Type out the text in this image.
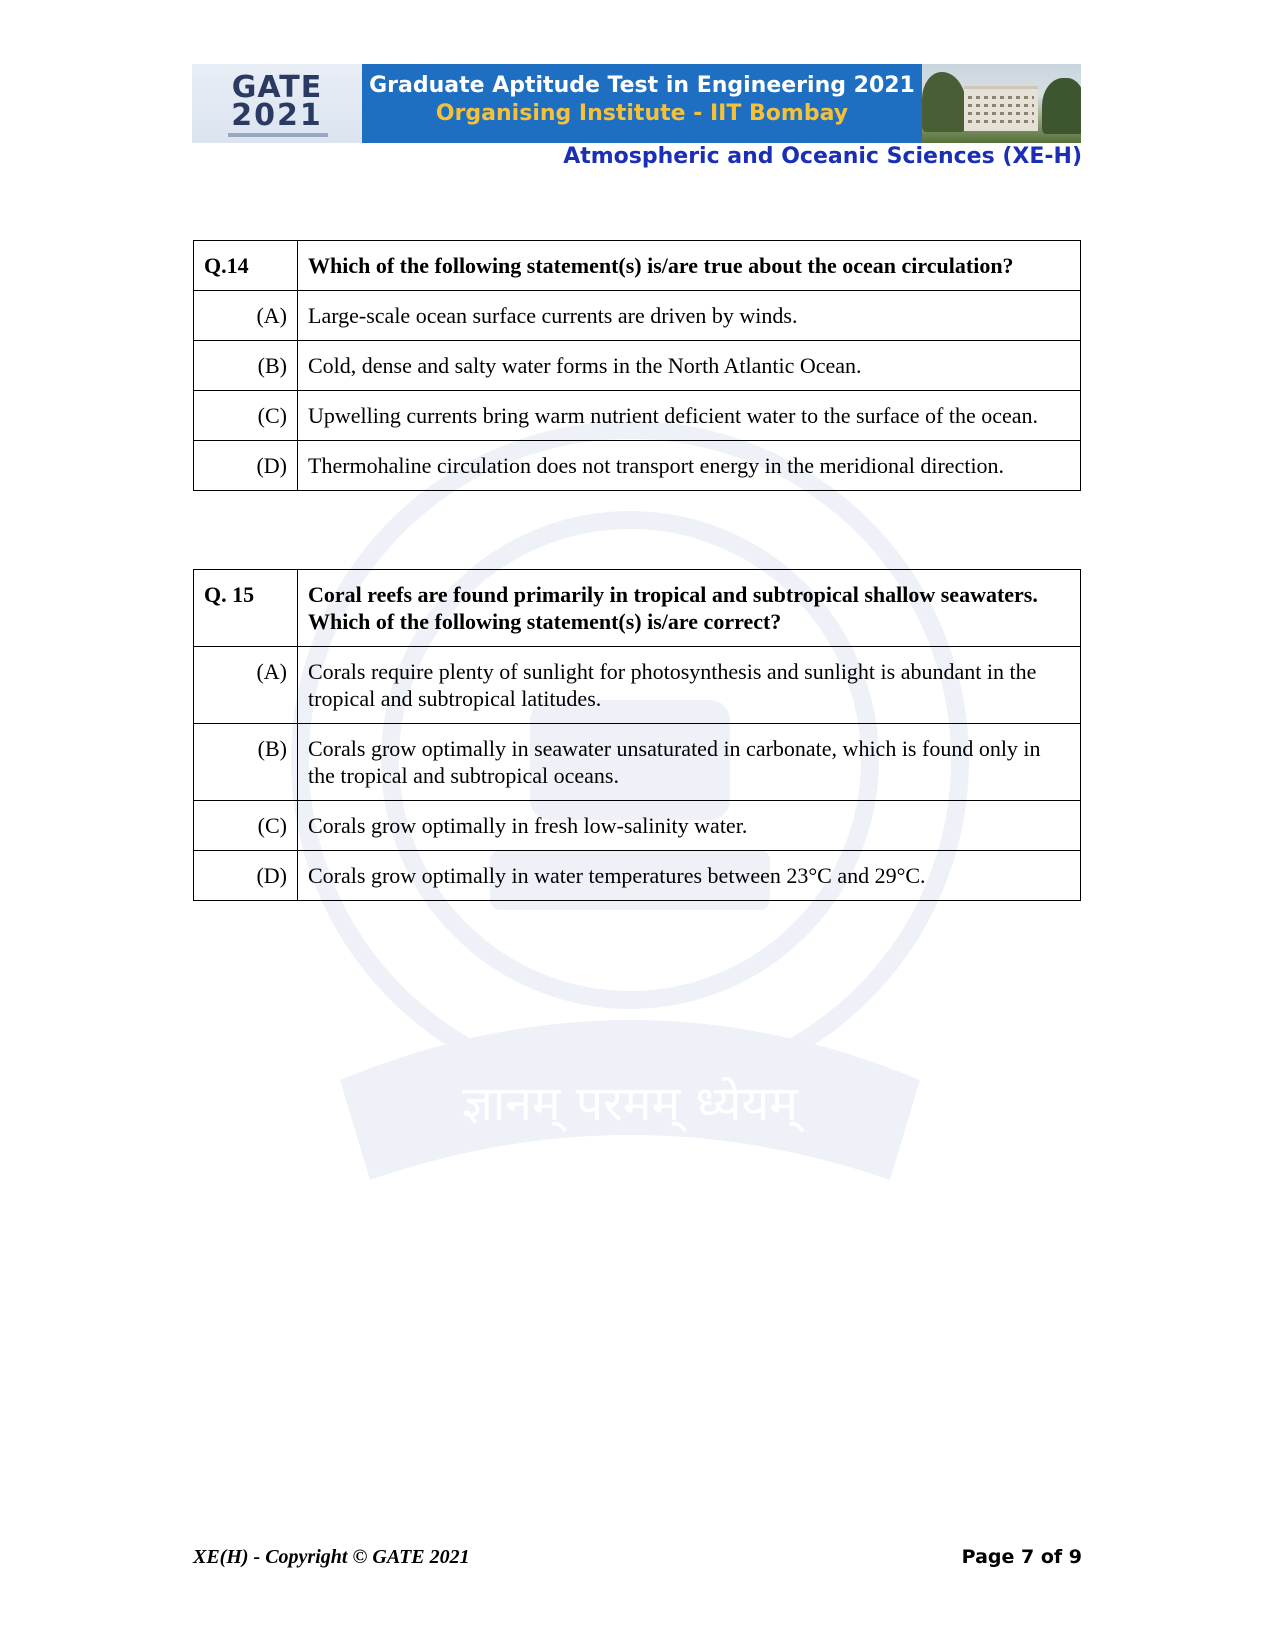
ज्ञानम् परमम् ध्येयम्
GATE
2021
Graduate Aptitude Test in Engineering 2021
Organising Institute - IIT Bombay
Atmospheric and Oceanic Sciences (XE-H)
Q.14	Which of the following statement(s) is/are true about the ocean circulation?
(A)	Large-scale ocean surface currents are driven by winds.
(B)	Cold, dense and salty water forms in the North Atlantic Ocean.
(C)	Upwelling currents bring warm nutrient deficient water to the surface of the ocean.
(D)	Thermohaline circulation does not transport energy in the meridional direction.
Q. 15	Coral reefs are found primarily in tropical and subtropical shallow seawaters. Which of the following statement(s) is/are correct?
(A)	Corals require plenty of sunlight for photosynthesis and sunlight is abundant in the tropical and subtropical latitudes.
(B)	Corals grow optimally in seawater unsaturated in carbonate, which is found only in the tropical and subtropical oceans.
(C)	Corals grow optimally in fresh low-salinity water.
(D)	Corals grow optimally in water temperatures between 23°C and 29°C.
XE(H) - Copyright © GATE 2021	Page 7 of 9
